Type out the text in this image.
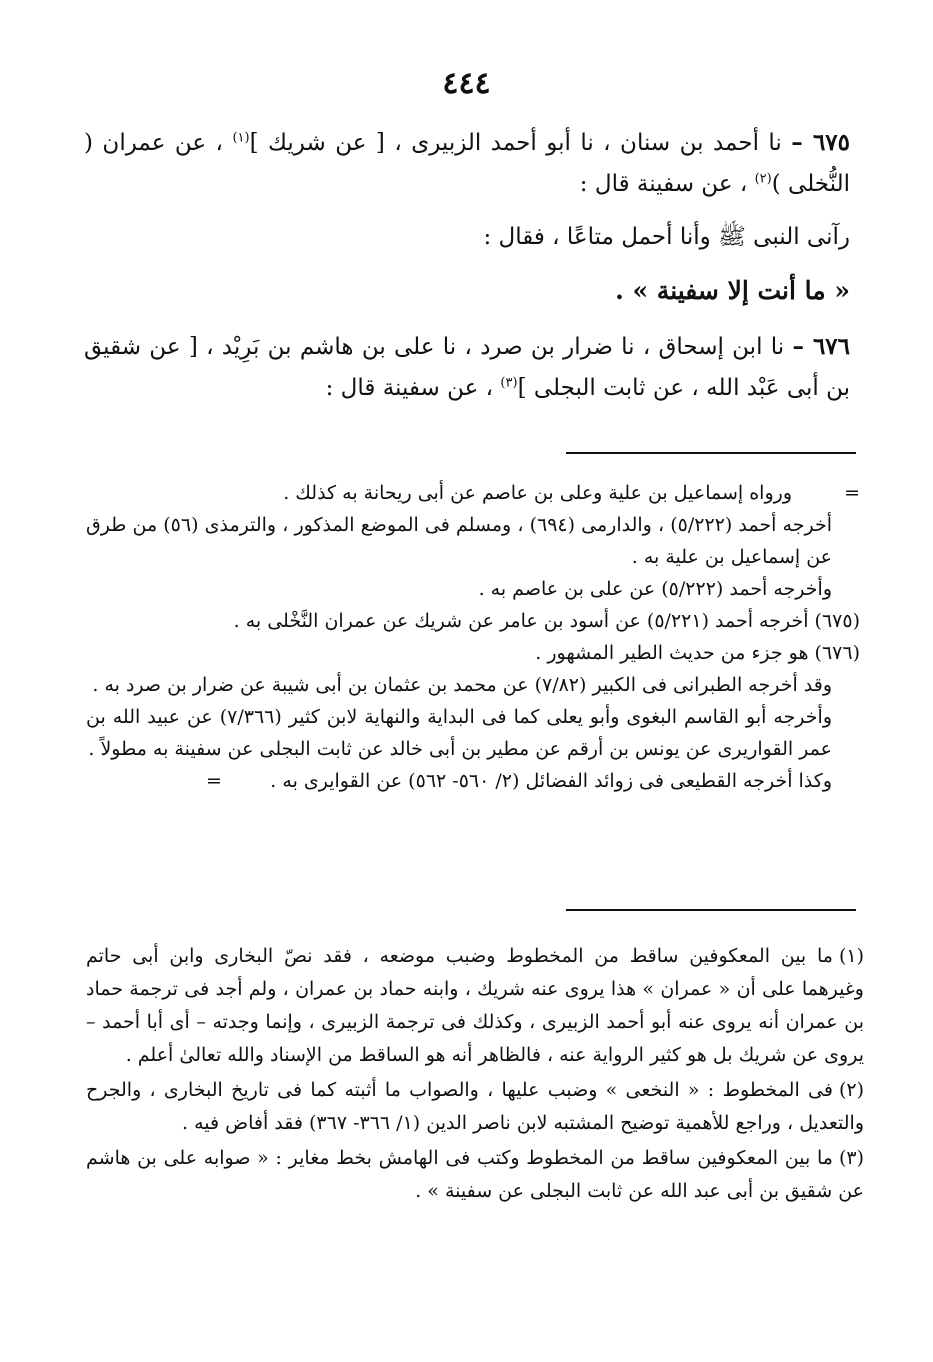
٤٤٤

٦٧٥ – نا أحمد بن سنان ، نا أبو أحمد الزبيرى ، [ عن شريك ]$^{(١)}$ ، عن عمران ( النُّخلى )$^{(٢)}$ ، عن سفينة قال :

رآنى النبى ﷺ وأنا أحمل متاعًا ، فقال :

« ما أنت إلا سفينة » .

٦٧٦ – نا ابن إسحاق ، نا ضرار بن صرد ، نا على بن هاشم بن بَرِيْد ، [ عن شقيق بن أبى عَبْد الله ، عن ثابت البجلى ]$^{(٣)}$ ، عن سفينة قال :

=
ورواه إسماعيل بن علية وعلى بن عاصم عن أبى ريحانة به كذلك .

أخرجه أحمد (٥/٢٢٢) ، والدارمى (٦٩٤) ، ومسلم فى الموضع المذكور ، والترمذى (٥٦) من طرق عن إسماعيل بن علية به .

وأخرجه أحمد (٥/٢٢٢) عن على بن عاصم به .

(٦٧٥) أخرجه أحمد (٥/٢٢١) عن أسود بن عامر عن شريك عن عمران النَّخْلى به .

(٦٧٦) هو جزء من حديث الطير المشهور .

وقد أخرجه الطبرانى فى الكبير (٧/٨٢) عن محمد بن عثمان بن أبى شيبة عن ضرار بن صرد به .

وأخرجه أبو القاسم البغوى وأبو يعلى كما فى البداية والنهاية لابن كثير (٧/٣٦٦) عن عبيد الله بن عمر القواريرى عن يونس بن أرقم عن مطير بن أبى خالد عن ثابت البجلى عن سفينة به مطولاً .

وكذا أخرجه القطيعى فى زوائد الفضائل (٢/ ٥٦٠- ٥٦٢) عن القوايرى به .        =

(١)ما بين المعكوفين ساقط من المخطوط وضبب موضعه ، فقد نصّ البخارى وابن أبى حاتم وغيرهما على أن « عمران » هذا يروى عنه شريك ، وابنه حماد بن عمران ، ولم أجد فى ترجمة حماد بن عمران أنه يروى عنه أبو أحمد الزبيرى ، وكذلك فى ترجمة الزبيرى ، وإنما وجدته – أى أبا أحمد – يروى عن شريك بل هو كثير الرواية عنه ، فالظاهر أنه هو الساقط من الإسناد والله تعالىٰ أعلم .

(٢)فى المخطوط : « النخعى » وضبب عليها ، والصواب ما أثبته كما فى تاريخ البخارى ، والجرح والتعديل ، وراجع للأهمية توضيح المشتبه لابن ناصر الدين (١/ ٣٦٦- ٣٦٧) فقد أفاض فيه .

(٣)ما بين المعكوفين ساقط من المخطوط وكتب فى الهامش بخط مغاير : « صوابه على بن هاشم عن شقيق بن أبى عبد الله عن ثابت البجلى عن سفينة » .
